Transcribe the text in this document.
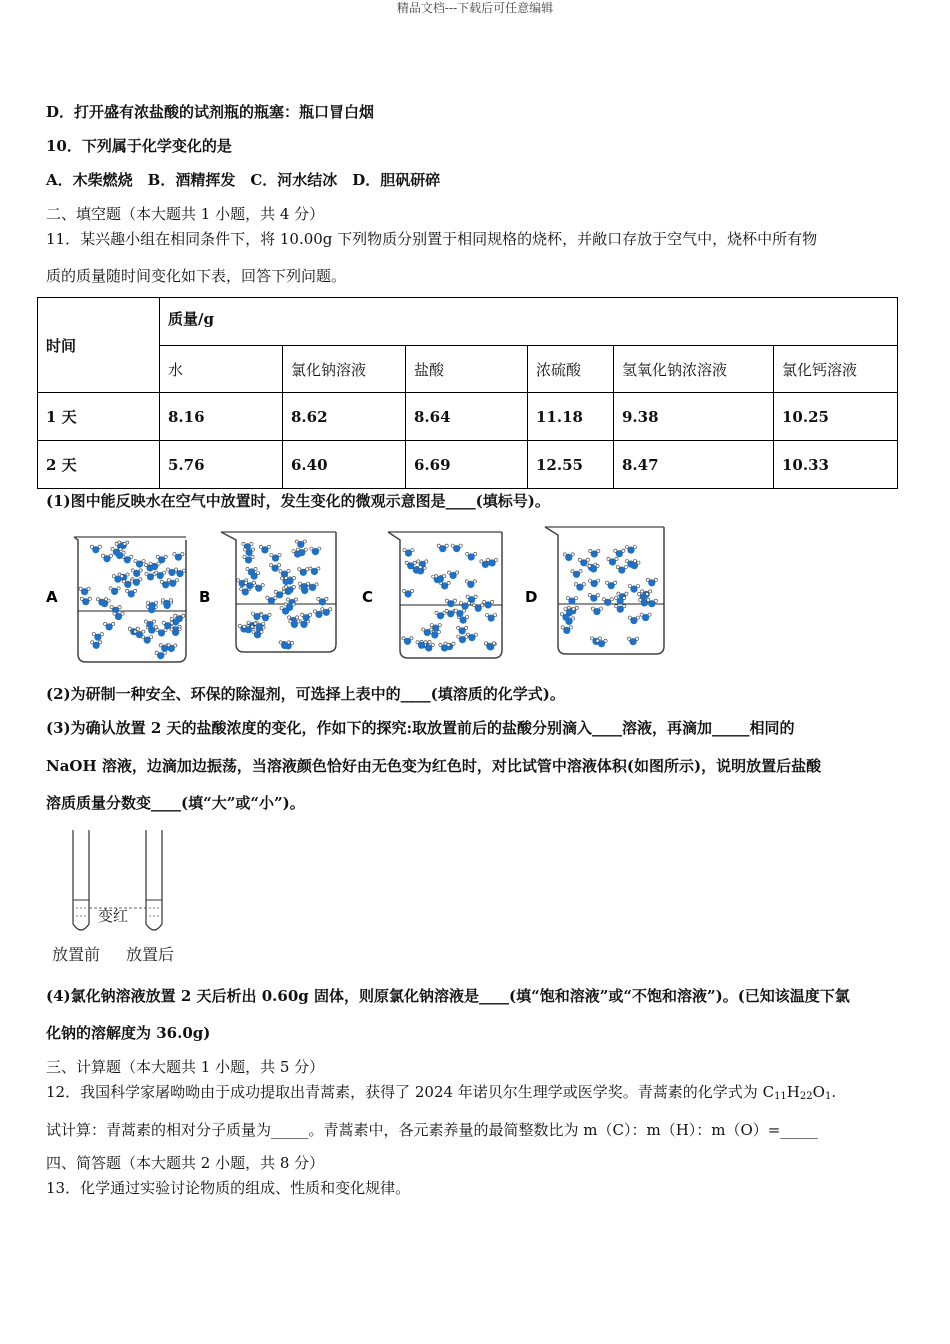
精品文档---下载后可任意编辑
D．打开盛有浓盐酸的试剂瓶的瓶塞：瓶口冒白烟
10．下列属于化学变化的是
A．木柴燃烧　B．酒精挥发　C．河水结冰　D．胆矾研碎
二、填空题（本大题共 1 小题，共 4 分）
11．某兴趣小组在相同条件下，将 10.00g 下列物质分别置于相同规格的烧杯，并敞口存放于空气中，烧杯中所有物
质的质量随时间变化如下表，回答下列问题。
时间	质量/g					
	水	氯化钠溶液	盐酸	浓硫酸	氢氧化钠浓溶液	氯化钙溶液
1 天	8.16	8.62	8.64	11.18	9.38	10.25
2 天	5.76	6.40	6.69	12.55	8.47	10.33
(1)图中能反映水在空气中放置时，发生变化的微观示意图是____(填标号)。
A	B	C	D
(2)为研制一种安全、环保的除湿剂，可选择上表中的____(填溶质的化学式)。
(3)为确认放置 2 天的盐酸浓度的变化，作如下的探究:取放置前后的盐酸分别滴入____溶液，再滴加_____相同的
NaOH 溶液，边滴加边振荡，当溶液颜色恰好由无色变为红色时，对比试管中溶液体积(如图所示)，说明放置后盐酸
溶质质量分数变____(填“大”或“小”)。
变红
放置前 放置后
(4)氯化钠溶液放置 2 天后析出 0.60g 固体，则原氯化钠溶液是____(填“饱和溶液”或“不饱和溶液”)。(已知该温度下氯
化钠的溶解度为 36.0g)
三、计算题（本大题共 1 小题，共 5 分）
12．我国科学家屠呦呦由于成功提取出青蒿素，获得了 2024 年诺贝尔生理学或医学奖。青蒿素的化学式为 $C_{11}H_{22}O_1$.
试计算：青蒿素的相对分子质量为_____。青蒿素中，各元素养量的最简整数比为 m（C）：m（H）：m（O）=_____
四、简答题（本大题共 2 小题，共 8 分）
13．化学通过实验讨论物质的组成、性质和变化规律。
